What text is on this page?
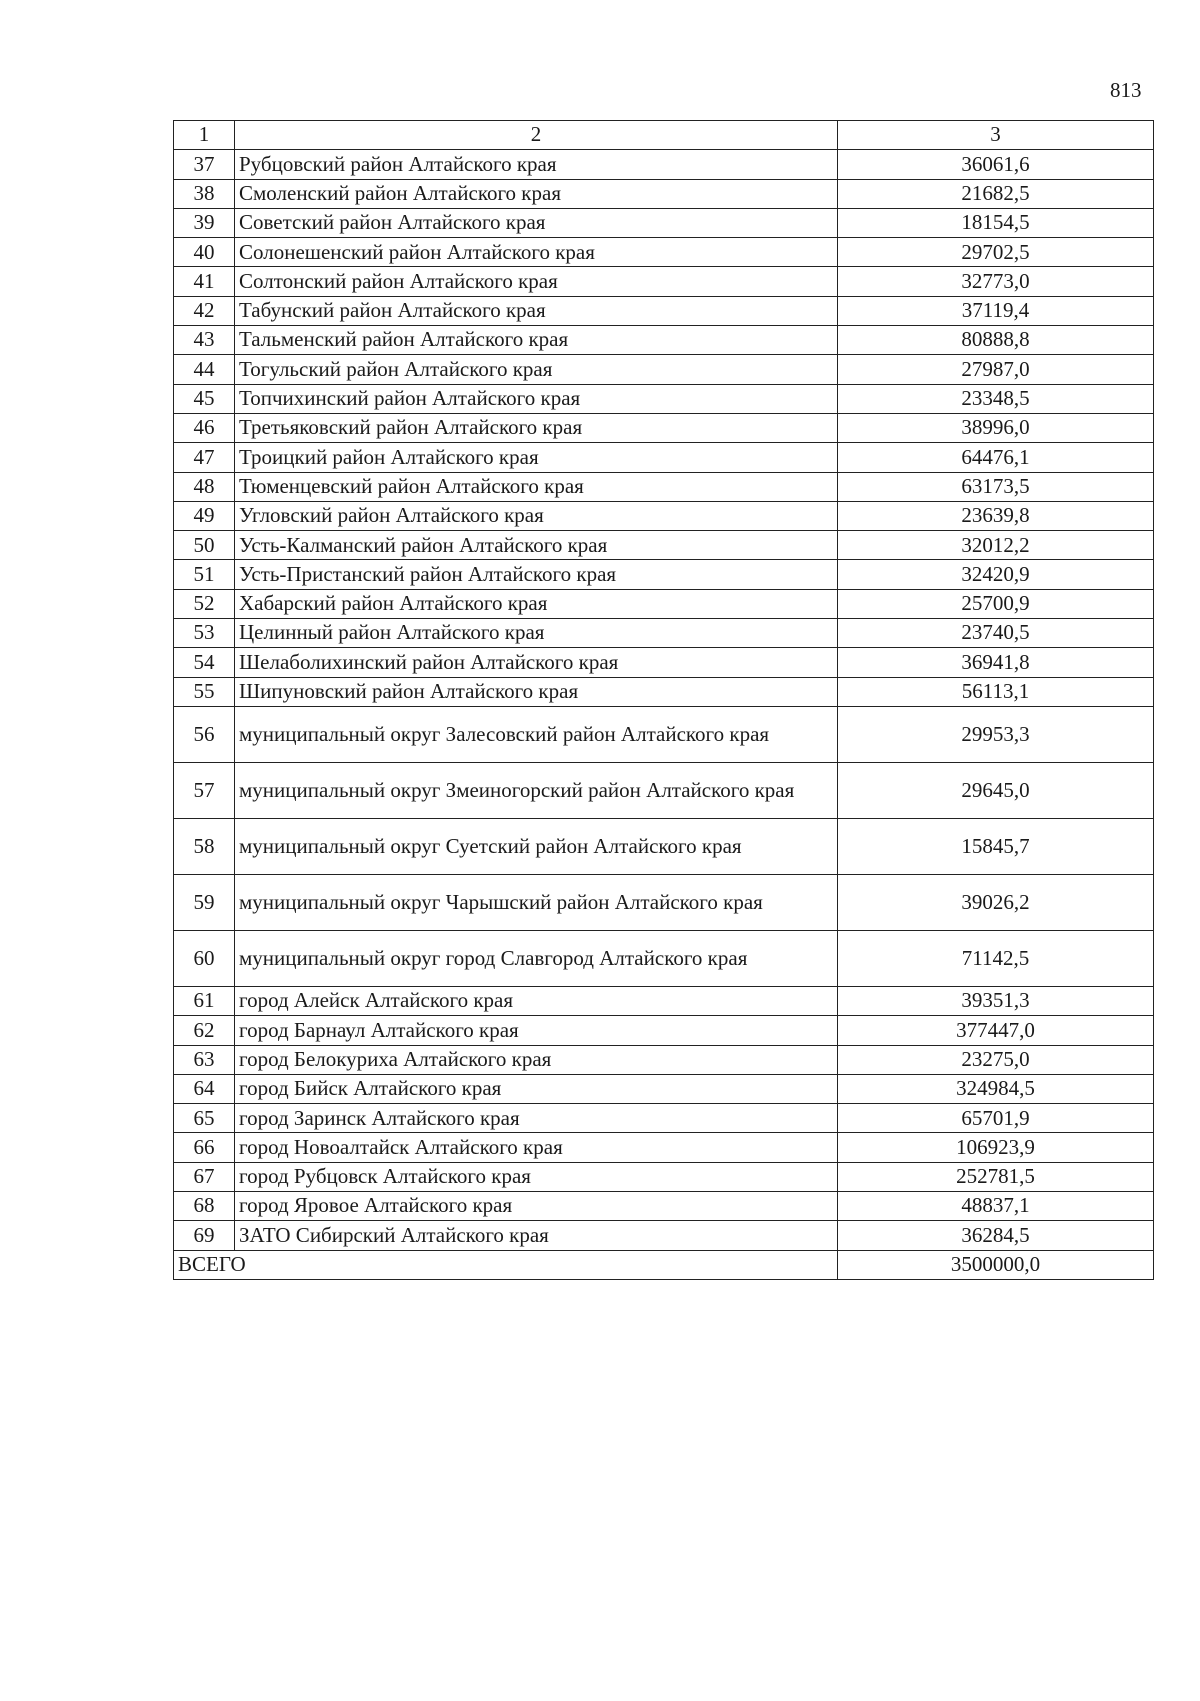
813
1	2	3
37	Рубцовский район Алтайского края	36061,6
38	Смоленский район Алтайского края	21682,5
39	Советский район Алтайского края	18154,5
40	Солонешенский район Алтайского края	29702,5
41	Солтонский район Алтайского края	32773,0
42	Табунский район Алтайского края	37119,4
43	Тальменский район Алтайского края	80888,8
44	Тогульский район Алтайского края	27987,0
45	Топчихинский район Алтайского края	23348,5
46	Третьяковский район Алтайского края	38996,0
47	Троицкий район Алтайского края	64476,1
48	Тюменцевский район Алтайского края	63173,5
49	Угловский район Алтайского края	23639,8
50	Усть-Калманский район Алтайского края	32012,2
51	Усть-Пристанский район Алтайского края	32420,9
52	Хабарский район Алтайского края	25700,9
53	Целинный район Алтайского края	23740,5
54	Шелаболихинский район Алтайского края	36941,8
55	Шипуновский район Алтайского края	56113,1
56	муниципальный округ Залесовский район Алтайского края	29953,3
57	муниципальный округ Змеиногорский район Алтайского края	29645,0
58	муниципальный округ Суетский район Алтайского края	15845,7
59	муниципальный округ Чарышский район Алтайского края	39026,2
60	муниципальный округ город Славгород Алтайского края	71142,5
61	город Алейск Алтайского края	39351,3
62	город Барнаул Алтайского края	377447,0
63	город Белокуриха Алтайского края	23275,0
64	город Бийск Алтайского края	324984,5
65	город Заринск Алтайского края	65701,9
66	город Новоалтайск Алтайского края	106923,9
67	город Рубцовск Алтайского края	252781,5
68	город Яровое Алтайского края	48837,1
69	ЗАТО Сибирский Алтайского края	36284,5
ВСЕГО		3500000,0
